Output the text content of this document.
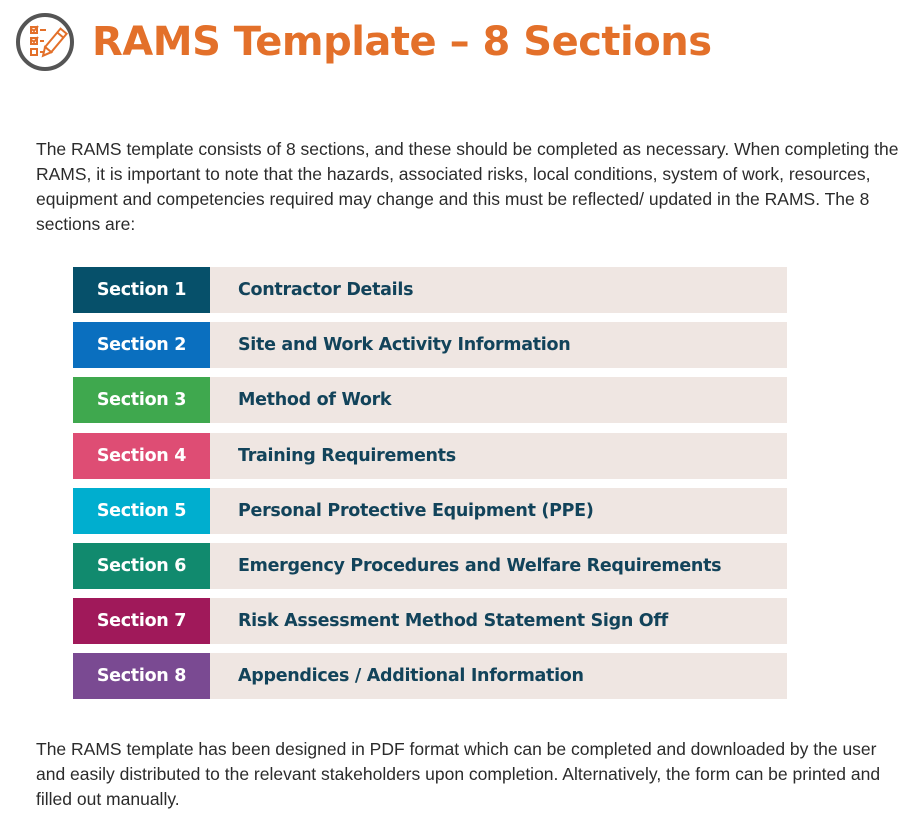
RAMS Template – 8 Sections

The RAMS template consists of 8 sections, and these should be completed as necessary. When completing the RAMS, it is important to note that the hazards, associated risks, local conditions, system of work, resources, equipment and competencies required may change and this must be reflected/ updated in the RAMS. The 8 sections are:

Section 1	Contractor Details
Section 2	Site and Work Activity Information
Section 3	Method of Work
Section 4	Training Requirements
Section 5	Personal Protective Equipment (PPE)
Section 6	Emergency Procedures and Welfare Requirements
Section 7	Risk Assessment Method Statement Sign Off
Section 8	Appendices / Additional Information

The RAMS template has been designed in PDF format which can be completed and downloaded by the user and easily distributed to the relevant stakeholders upon completion. Alternatively, the form can be printed and filled out manually.
